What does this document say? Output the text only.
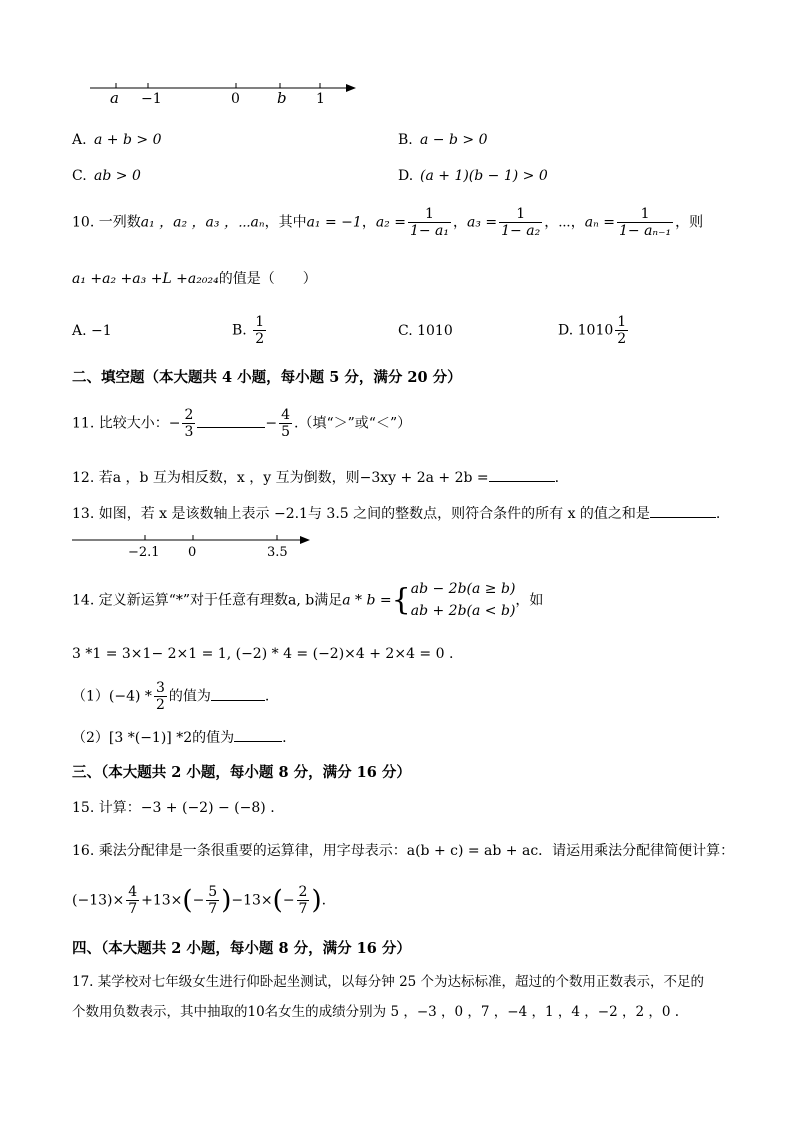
a −1	0 b 1
A. a + b > 0	B. a − b > 0
C. ab > 0	D. (a + 1)(b − 1) > 0
10. 一列数a₁ ，a₂ ，a₃ ，⋯aₙ，其中a₁ = −1，$a_2 = \frac{1}{\text{1− a₁}}$ ，$a_3 = \frac{1}{\text{1− a₂}}$ ，⋯，$a_n = \frac{1}{\text{1− aₙ₋₁}}$ ，则
a₁ +a₂ +a₃ +L +a₂₀₂₄的值是（　　）
A. −1	B. $\frac{1}{2}$	C. 1010	D. $1010 \frac{1}{2}$
二、填空题（本大题共 4 小题，每小题 5 分，满分 20 分）
11. 比较大小：− $\frac{2}{3}$	− $\frac{4}{5}$ .（填“＞”或“＜”）
12. 若a ，b 互为相反数，x ，y 互为倒数，则−3xy + 2a + 2b =	.
13. 如图，若 x 是该数轴上表示 −2.1与 3.5 之间的整数点，则符合条件的所有 x 的值之和是	.
−2.1 0	3.5
14. 定义新运算“*”对于任意有理数a, b满足a * b ={ ab − 2b(a ≥ b)
ab + 2b(a < b)
，如
3 *1 = 3×1− 2×1 = 1, (−2) * 4 = (−2)×4 + 2×4 = 0 .
$(1)(-4) * \frac{3}{2}$ 的值为	.
（2）[3 *(−1)] *2的值为	.
三、（本大题共 2 小题，每小题 8 分，满分 16 分）
15. 计算：−3 + (−2) − (−8) .
16. 乘法分配律是一条很重要的运算律，用字母表示：a(b + c) = ab + ac．请运用乘法分配律简便计算：
$(-13)\times \frac{4}{7} +13\times(- \frac{5}{7} )-13\times(- \frac{2}{7}$ ).
四、（本大题共 2 小题，每小题 8 分，满分 16 分）
17. 某学校对七年级女生进行仰卧起坐测试，以每分钟 25 个为达标标准，超过的个数用正数表示，不足的
个数用负数表示，其中抽取的10名女生的成绩分别为 5 ，−3 ，0 ，7 ，−4 ，1 ，4 ，−2 ，2 ，0 .
